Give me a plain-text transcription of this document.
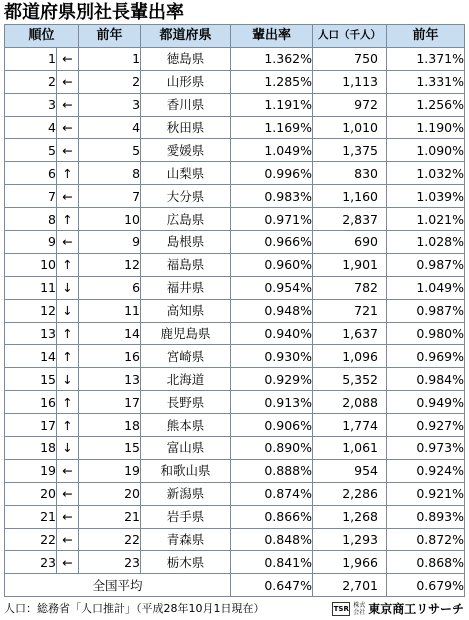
都道府県別社長輩出率
順位		前年	都道府県	輩出率	人口（千人）	前年
1	←	1	徳島県	1.362%	750	1.371%
2	←	2	山形県	1.285%	1,113	1.331%
3	←	3	香川県	1.191%	972	1.256%
4	←	4	秋田県	1.169%	1,010	1.190%
5	←	5	愛媛県	1.049%	1,375	1.090%
6	↑	8	山梨県	0.996%	830	1.032%
7	←	7	大分県	0.983%	1,160	1.039%
8	↑	10	広島県	0.971%	2,837	1.021%
9	←	9	島根県	0.966%	690	1.028%
10	↑	12	福島県	0.960%	1,901	0.987%
11	↓	6	福井県	0.954%	782	1.049%
12	↓	11	高知県	0.948%	721	0.987%
13	↑	14	鹿児島県	0.940%	1,637	0.980%
14	↑	16	宮崎県	0.930%	1,096	0.969%
15	↓	13	北海道	0.929%	5,352	0.984%
16	↑	17	長野県	0.913%	2,088	0.949%
17	↑	18	熊本県	0.906%	1,774	0.927%
18	↓	15	富山県	0.890%	1,061	0.973%
19	←	19	和歌山県	0.888%	954	0.924%
20	←	20	新潟県	0.874%	2,286	0.921%
21	←	21	岩手県	0.866%	1,268	0.893%
22	←	22	青森県	0.848%	1,293	0.872%
23	←	23	栃木県	0.841%	1,966	0.868%
全国平均				0.647%	2,701	0.679%
人口：総務省「人口推計」（平成28年10月1日現在）	TSR 株式会社 東京商工リサーチ
